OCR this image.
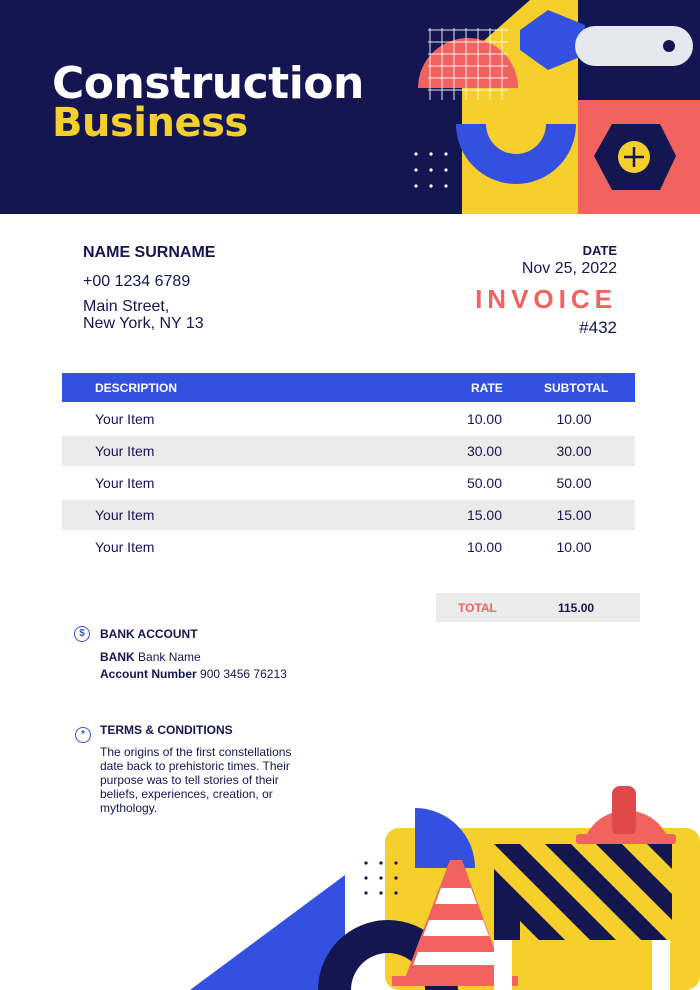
Construction
Business
NAME SURNAME
+00 1234 6789
Main Street,
New York, NY 13
DATE
Nov 25, 2022
INVOICE
#432
DESCRIPTION	RATE	SUBTOTAL
Your Item	10.00	10.00
Your Item	30.00	30.00
Your Item	50.00	50.00
Your Item	15.00	15.00
Your Item	10.00	10.00
TOTAL	115.00
$	BANK ACCOUNT
BANK Bank Name
Account Number 900 3456 76213
*	TERMS & CONDITIONS
The origins of the first constellations date back to prehistoric times. Their purpose was to tell stories of their beliefs, experiences, creation, or mythology.
